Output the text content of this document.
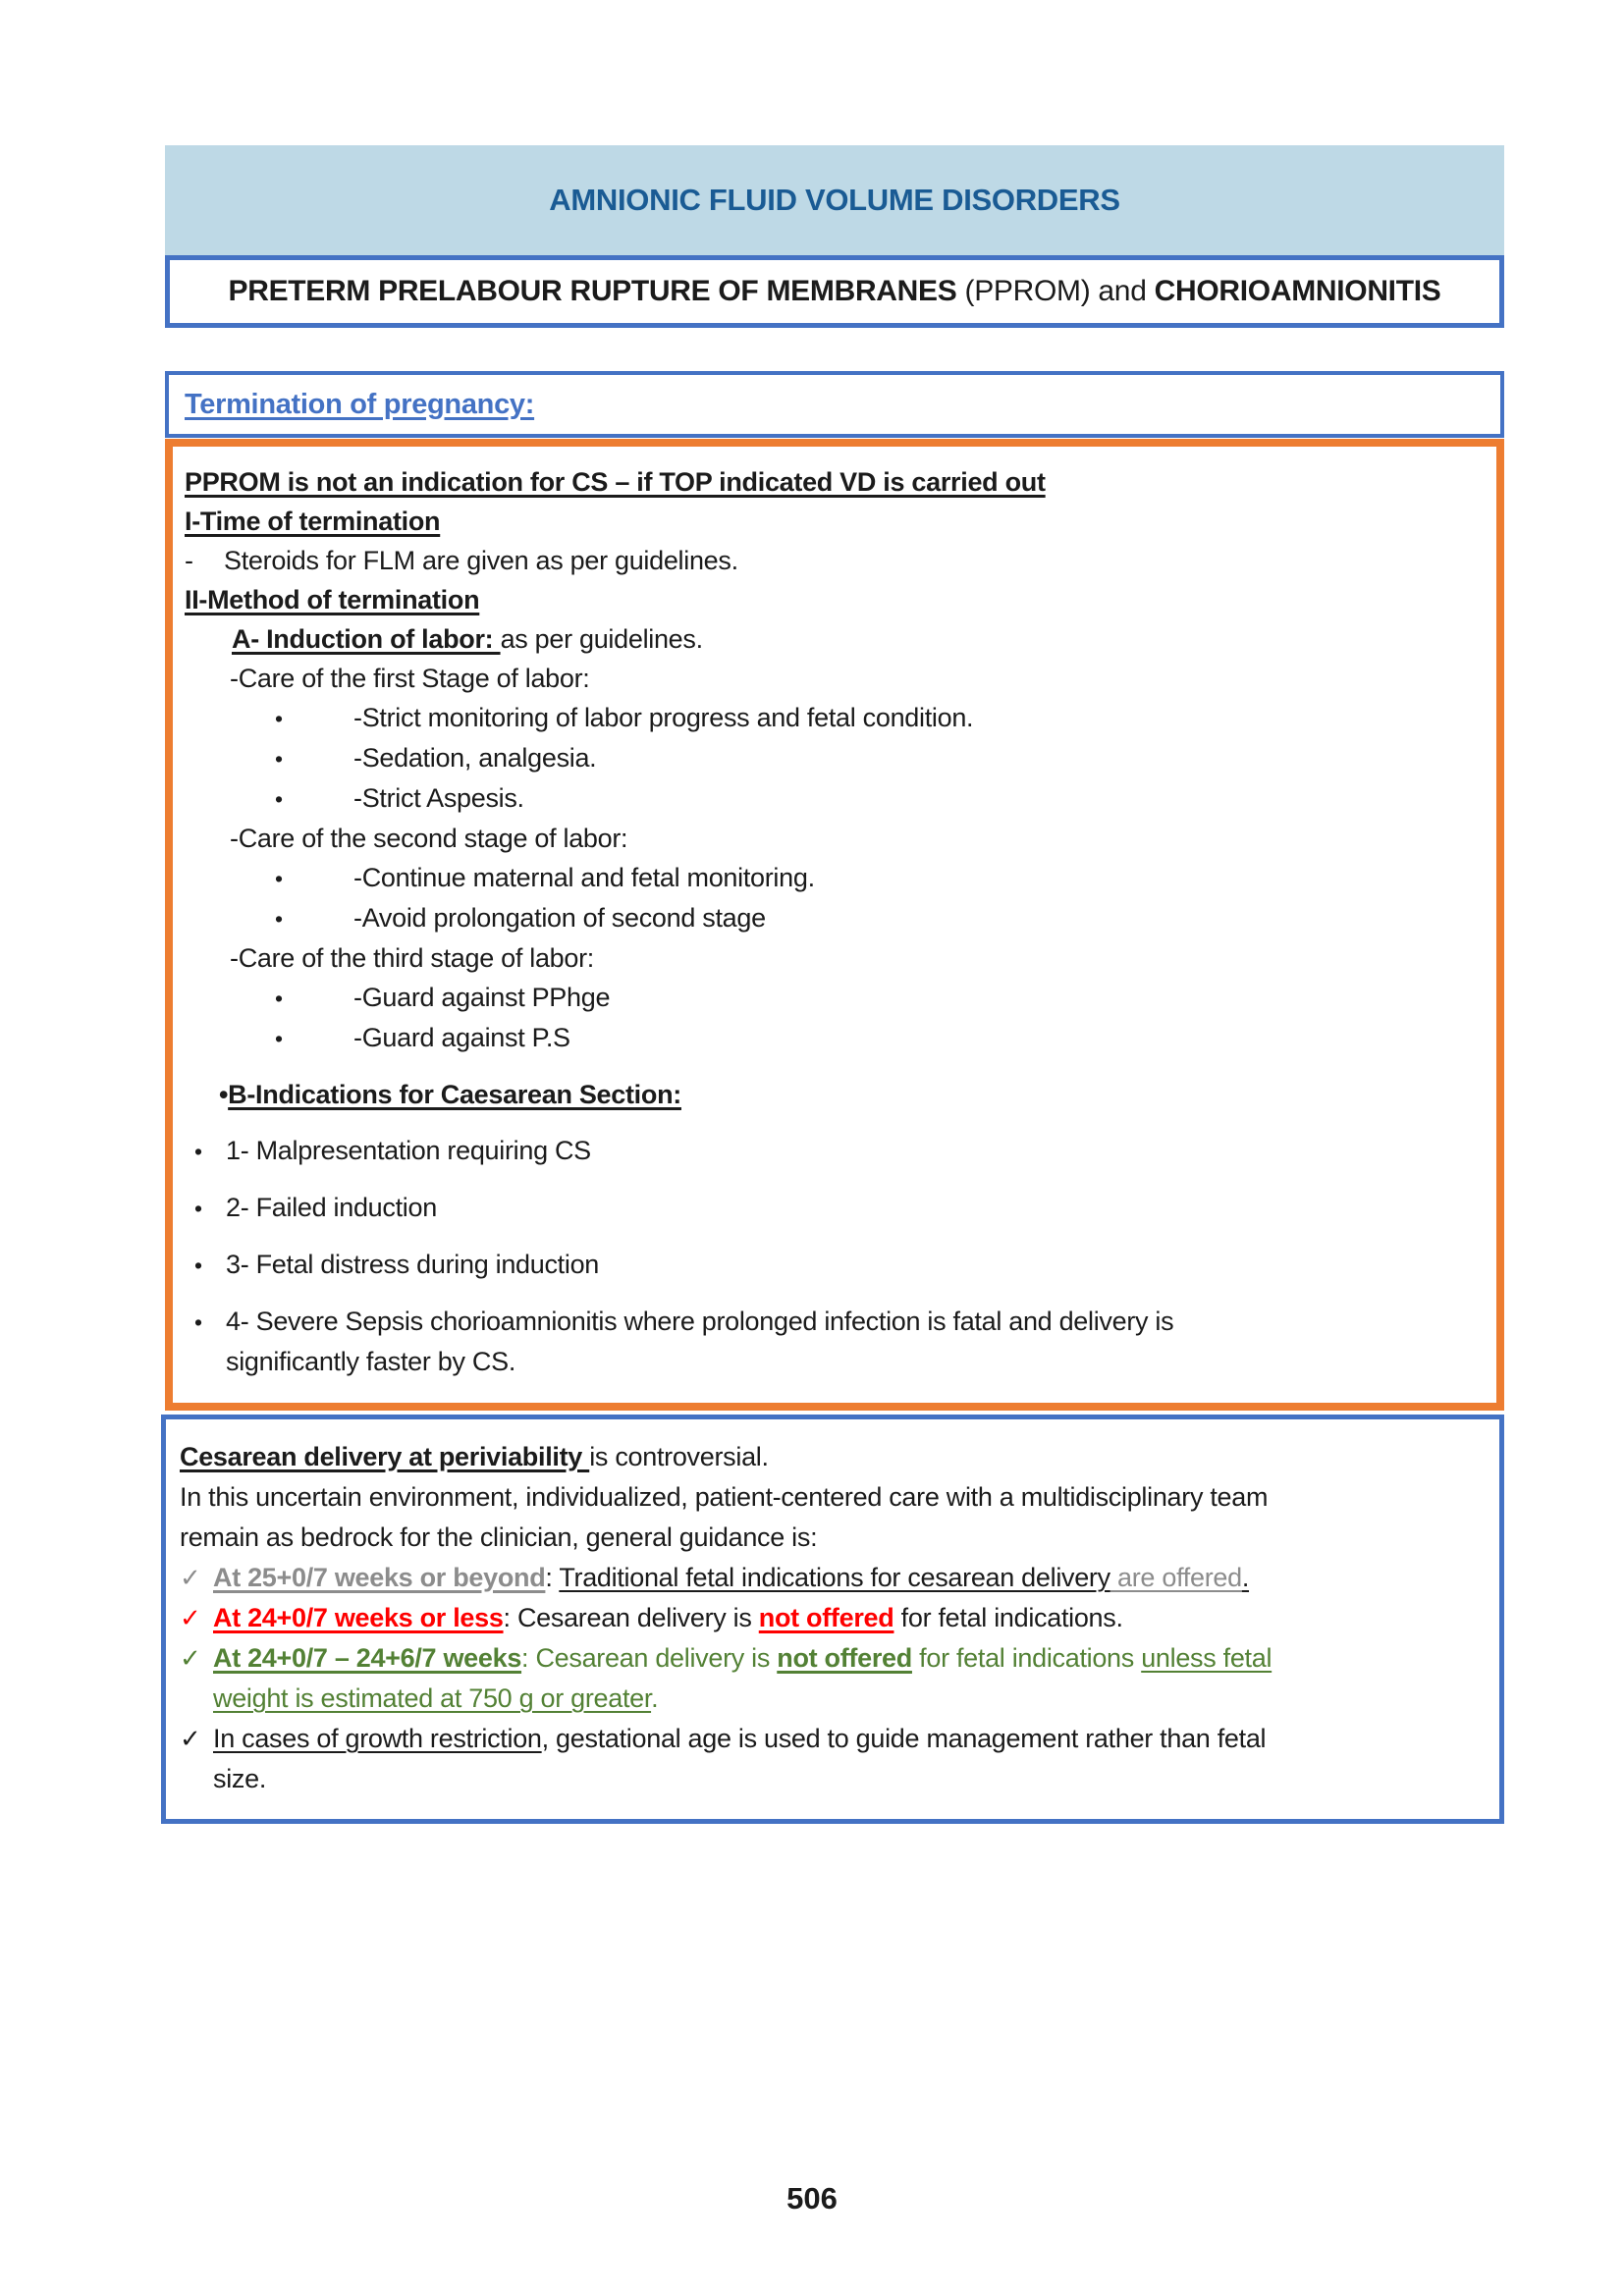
AMNIONIC FLUID VOLUME DISORDERS
PRETERM PRELABOUR RUPTURE OF MEMBRANES (PPROM) and CHORIOAMNIONITIS
Termination of pregnancy:
PPROM is not an indication for CS – if TOP indicated VD is carried out
I-Time of termination
-	Steroids for FLM are given as per guidelines.
II-Method of termination
A- Induction of labor: as per guidelines.
-Care of the first Stage of labor:
•	-Strict monitoring of labor progress and fetal condition.
•	-Sedation, analgesia.
•	-Strict Aspesis.
-Care of the second stage of labor:
•	-Continue maternal and fetal monitoring.
•	-Avoid prolongation of second stage
-Care of the third stage of labor:
•	-Guard against PPhge
•	-Guard against P.S
•B-Indications for Caesarean Section:
• 1- Malpresentation requiring CS
• 2- Failed induction
• 3- Fetal distress during induction
• 4- Severe Sepsis chorioamnionitis where prolonged infection is fatal and delivery is
significantly faster by CS.
Cesarean delivery at periviability is controversial.
In this uncertain environment, individualized, patient-centered care with a multidisciplinary team
remain as bedrock for the clinician, general guidance is:
✓ At 25+0/7 weeks or beyond: Traditional fetal indications for cesarean delivery are offered.
✓ At 24+0/7 weeks or less: Cesarean delivery is not offered for fetal indications.
✓ At 24+0/7 – 24+6/7 weeks: Cesarean delivery is not offered for fetal indications unless fetal
weight is estimated at 750 g or greater.
✓ In cases of growth restriction, gestational age is used to guide management rather than fetal
size.
506
